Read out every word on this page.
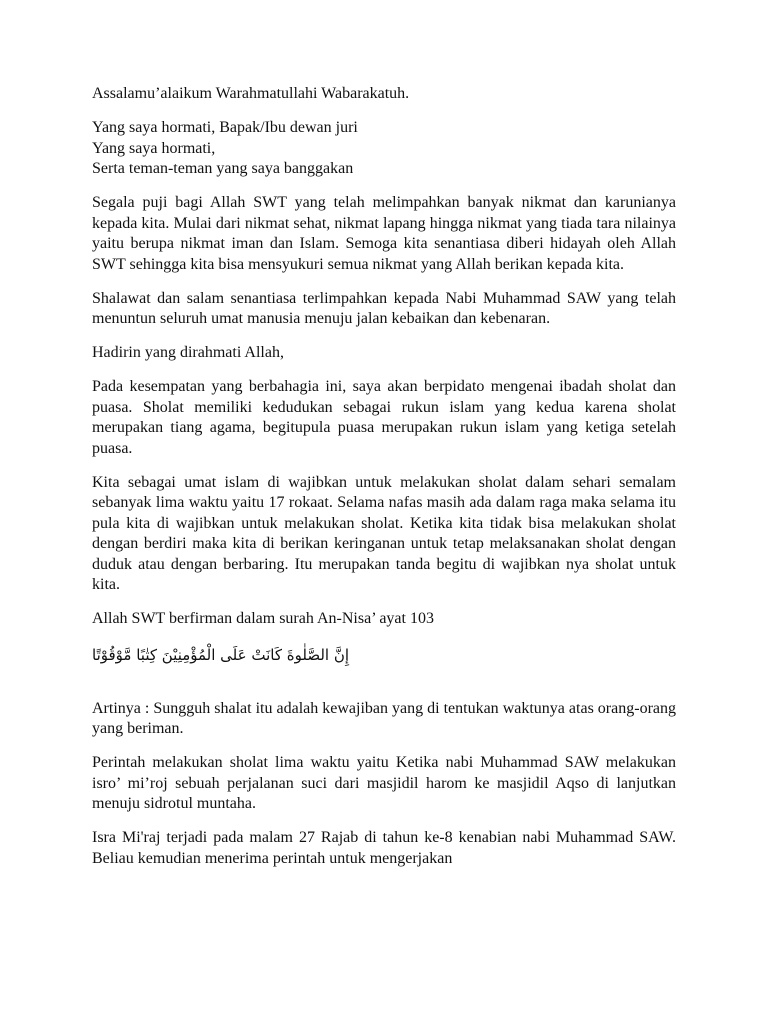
Assalamu’alaikum Warahmatullahi Wabarakatuh.

Yang saya hormati, Bapak/Ibu dewan juri
Yang saya hormati,
Serta teman-teman yang saya banggakan

Segala puji bagi Allah SWT yang telah melimpahkan banyak nikmat dan karunianya kepada kita. Mulai dari nikmat sehat, nikmat lapang hingga nikmat yang tiada tara nilainya yaitu berupa nikmat iman dan Islam. Semoga kita senantiasa diberi hidayah oleh Allah SWT sehingga kita bisa mensyukuri semua nikmat yang Allah berikan kepada kita.

Shalawat dan salam senantiasa terlimpahkan kepada Nabi Muhammad SAW yang telah menuntun seluruh umat manusia menuju jalan kebaikan dan kebenaran.

Hadirin yang dirahmati Allah,

Pada kesempatan yang berbahagia ini, saya akan berpidato mengenai ibadah sholat dan puasa. Sholat memiliki kedudukan sebagai rukun islam yang kedua karena sholat merupakan tiang agama, begitupula puasa merupakan rukun islam yang ketiga setelah puasa.

Kita sebagai umat islam di wajibkan untuk melakukan sholat dalam sehari semalam sebanyak lima waktu yaitu 17 rokaat. Selama nafas masih ada dalam raga maka selama itu pula kita di wajibkan untuk melakukan sholat. Ketika kita tidak bisa melakukan sholat dengan berdiri maka kita di berikan keringanan untuk tetap melaksanakan sholat dengan duduk atau dengan berbaring. Itu merupakan tanda begitu di wajibkan nya sholat untuk kita.

Allah SWT berfirman dalam surah An-Nisa’ ayat 103

إِنَّ الصَّلٰوةَ كَانَتْ عَلَى الْمُؤْمِنِيْنَ كِتٰبًا مَّوْقُوْتًا

Artinya : Sungguh shalat itu adalah kewajiban yang di tentukan waktunya atas orang-orang yang beriman.

Perintah melakukan sholat lima waktu yaitu Ketika nabi Muhammad SAW melakukan isro’ mi’roj sebuah perjalanan suci dari masjidil harom ke masjidil Aqso di lanjutkan menuju sidrotul muntaha.

Isra Mi'raj terjadi pada malam 27 Rajab di tahun ke-8 kenabian nabi Muhammad SAW. Beliau kemudian menerima perintah untuk mengerjakan
